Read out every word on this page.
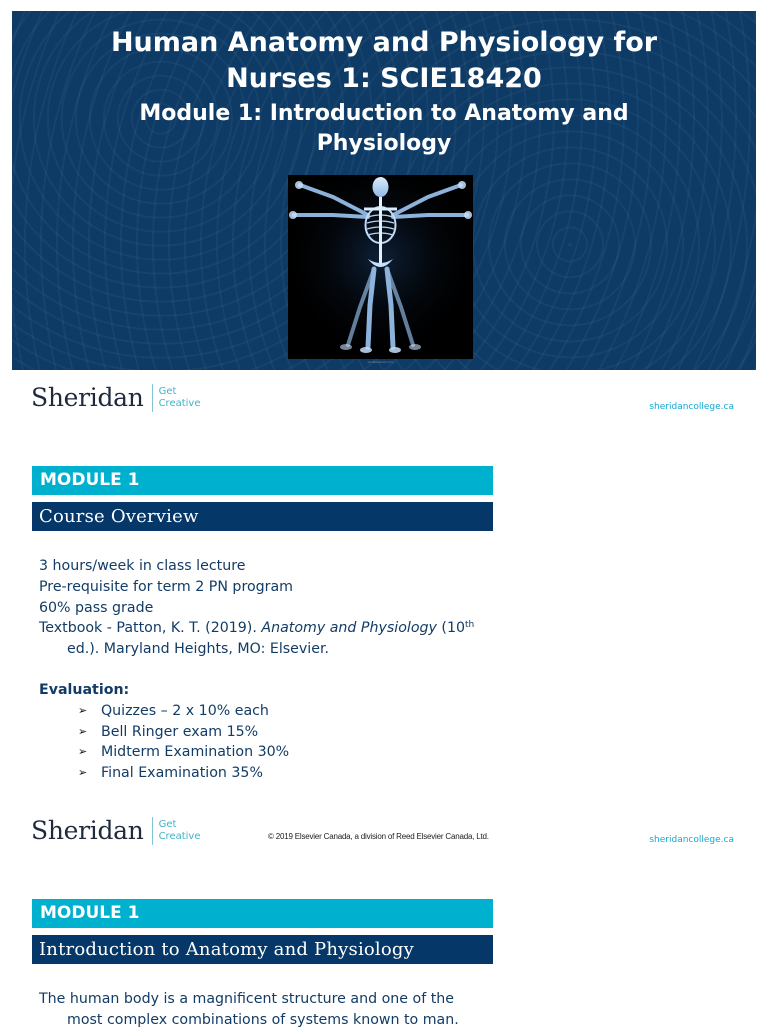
Human Anatomy and Physiology for
Nurses 1: SCIE18420
Module 1: Introduction to Anatomy and
Physiology
shutterstock.com
Sheridan Get
Creative	sheridancollege.ca
MODULE 1
Course Overview
3 hours/week in class lecture
Pre-requisite for term 2 PN program
60% pass grade
Textbook - Patton, K. T. (2019). Anatomy and Physiology (10th
ed.). Maryland Heights, MO: Elsevier.
Evaluation:
➢ Quizzes – 2 x 10% each
➢ Bell Ringer exam 15%
➢ Midterm Examination 30%
➢ Final Examination 35%
Sheridan Get
Creative	© 2019 Elsevier Canada, a division of Reed Elsevier Canada, Ltd.	sheridancollege.ca
MODULE 1
Introduction to Anatomy and Physiology
The human body is a magnificent structure and one of the
most complex combinations of systems known to man.
